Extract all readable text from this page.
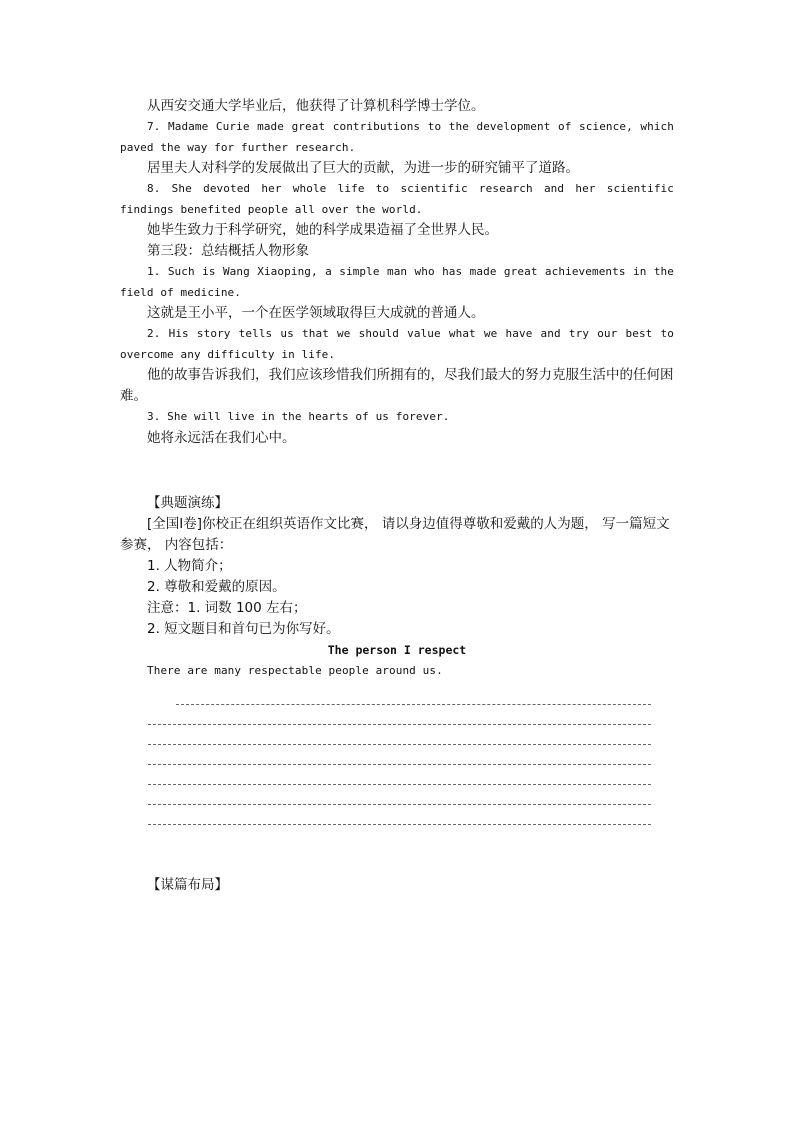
从西安交通大学毕业后，他获得了计算机科学博士学位。

7. Madame Curie made great contributions to the development of science, which paved the way for further research.

居里夫人对科学的发展做出了巨大的贡献，为进一步的研究铺平了道路。

8. She devoted her whole life to scientific research and her scientific findings benefited people all over the world.

她毕生致力于科学研究，她的科学成果造福了全世界人民。

第三段：总结概括人物形象

1. Such is Wang Xiaoping, a simple man who has made great achievements in the field of medicine.

这就是王小平，一个在医学领域取得巨大成就的普通人。

2. His story tells us that we should value what we have and try our best to overcome any difficulty in life.

他的故事告诉我们，我们应该珍惜我们所拥有的，尽我们最大的努力克服生活中的任何困难。

3. She will live in the hearts of us forever.

她将永远活在我们心中。

【典题演练】

[全国Ⅰ卷]你校正在组织英语作文比赛， 请以身边值得尊敬和爱戴的人为题， 写一篇短文参赛， 内容包括：

1. 人物简介；

2. 尊敬和爱戴的原因。

注意：1. 词数 100 左右；

2. 短文题目和首句已为你写好。

The person I respect

There are many respectable people around us.

【谋篇布局】
